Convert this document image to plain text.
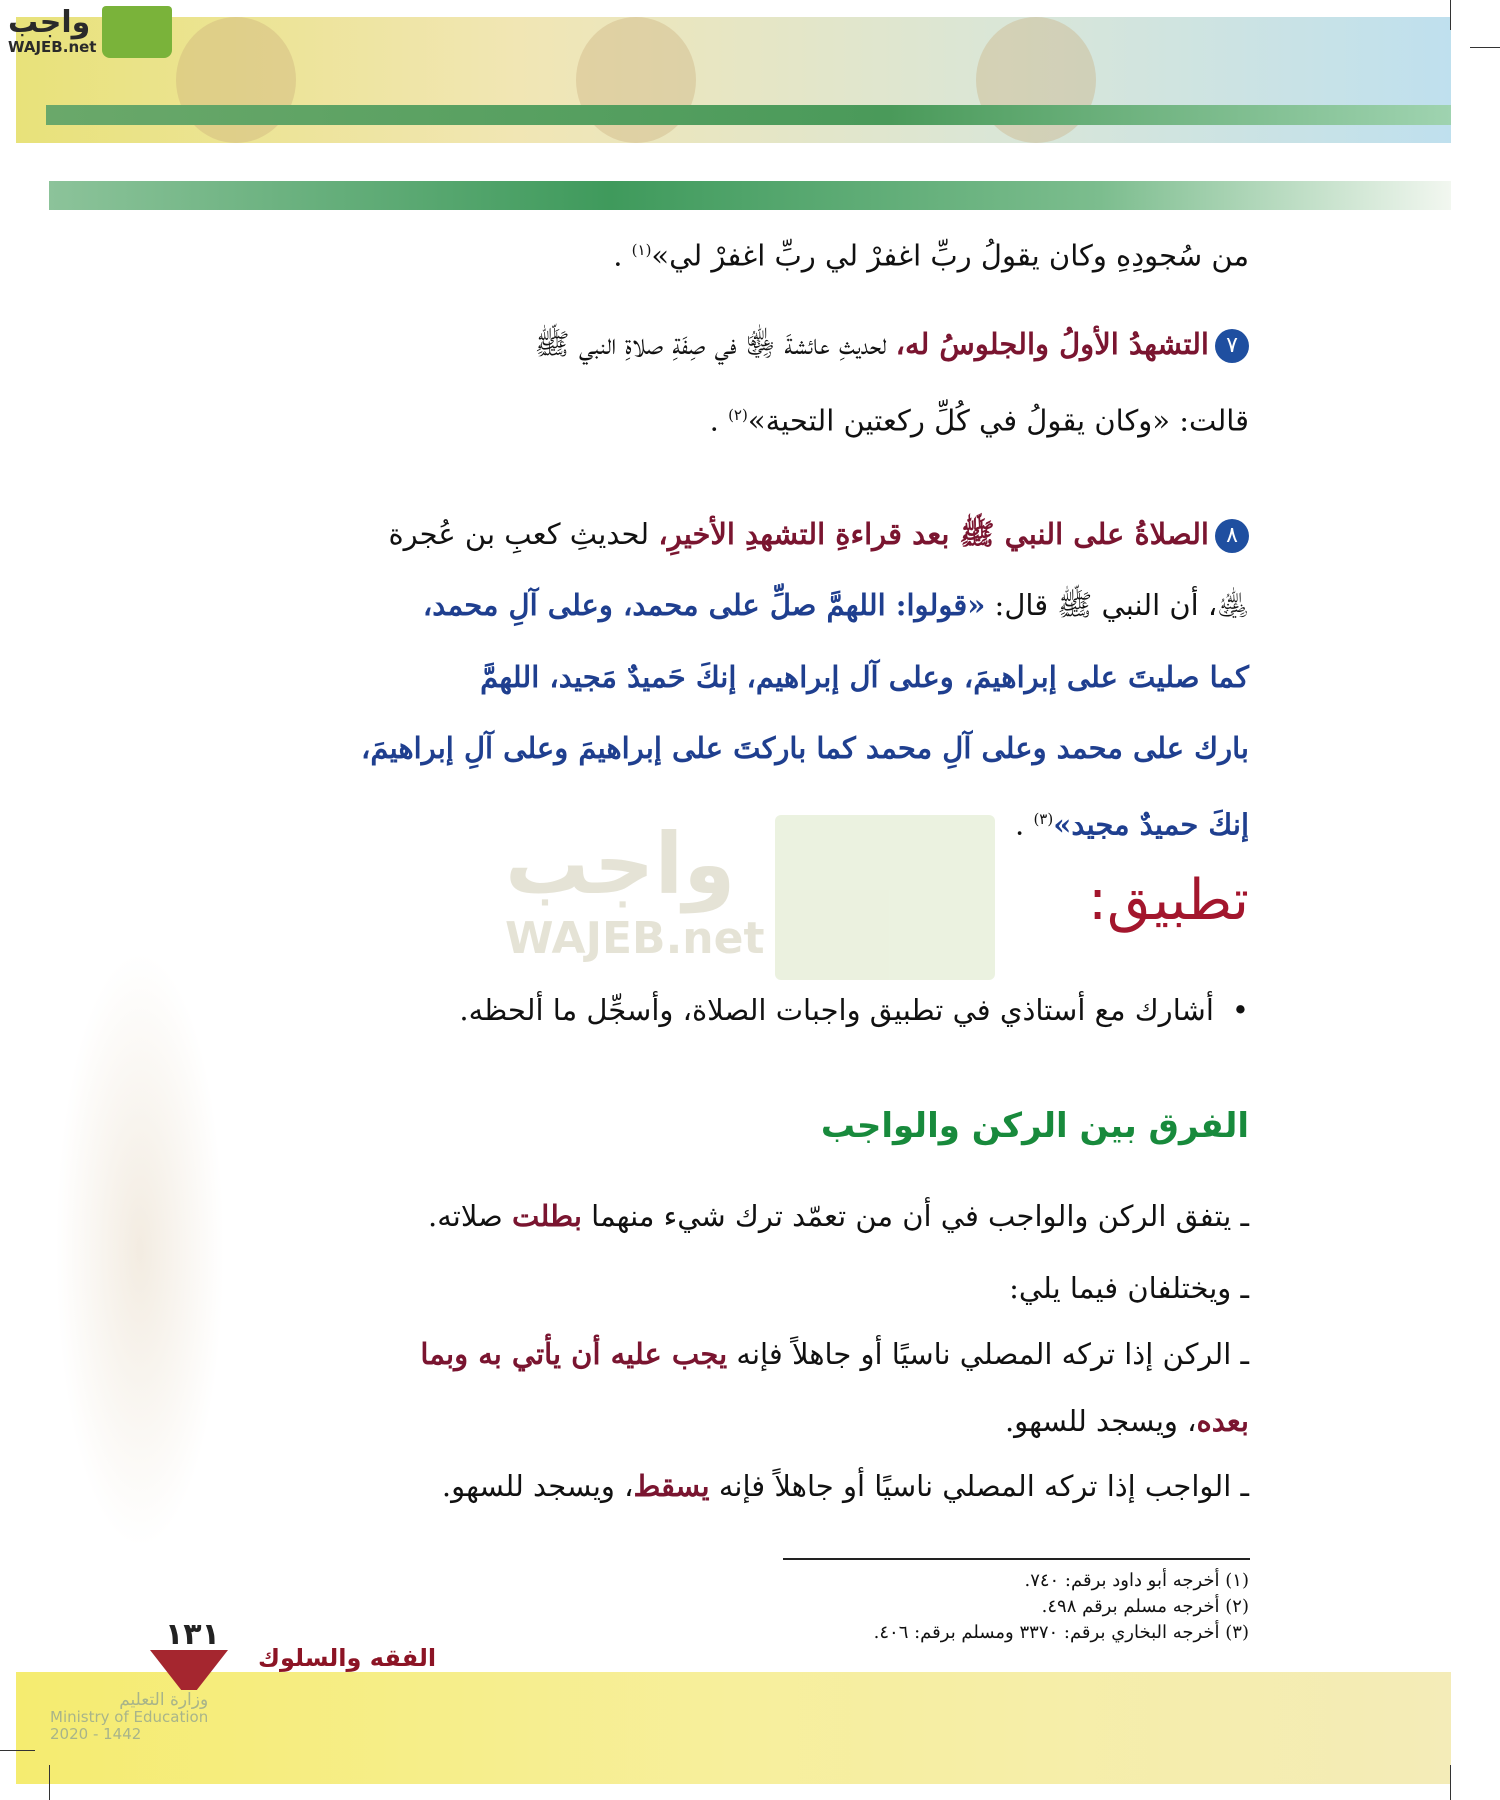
واجب
WAJEB.net
من سُجودِهِ وكان يقولُ ربِّ اغفرْ لي ربِّ اغفرْ لي»$^{(١)}$ .
٧التشهدُ الأولُ والجلوسُ له، لحديثِ عائشةَ ﵂ في صِفَةِ صلاةِ النبي ﷺ
قالت: «وكان يقولُ في كُلِّ ركعتين التحية»$^{(٢)}$ .
٨الصلاةُ على النبي ﷺ بعد قراءةِ التشهدِ الأخيرِ، لحديثِ كعبِ بن عُجرة
﵁، أن النبي ﷺ قال: «قولوا: اللهمَّ صلِّ على محمد، وعلى آلِ محمد،
كما صليتَ على إبراهيمَ، وعلى آل إبراهيم، إنكَ حَميدٌ مَجيد، اللهمَّ
بارك على محمد وعلى آلِ محمد كما باركتَ على إبراهيمَ وعلى آلِ إبراهيمَ،
إنكَ حميدٌ مجيد»$^{(٣)}$ .
واجب
WAJEB.net
تطبيق:
•أشارك مع أستاذي في تطبيق واجبات الصلاة، وأسجِّل ما ألحظه.
الفرق بين الركن والواجب
ـ يتفق الركن والواجب في أن من تعمّد ترك شيء منهما بطلت صلاته.
ـ ويختلفان فيما يلي:
ـ الركن إذا تركه المصلي ناسيًا أو جاهلاً فإنه يجب عليه أن يأتي به وبما
بعده، ويسجد للسهو.
ـ الواجب إذا تركه المصلي ناسيًا أو جاهلاً فإنه يسقط، ويسجد للسهو.
(١) أخرجه أبو داود برقم: ٧٤٠.
(٢) أخرجه مسلم برقم ٤٩٨.
(٣) أخرجه البخاري برقم: ٣٣٧٠ ومسلم برقم: ٤٠٦.
١٣١
الفقه والسلوك
وزارة التعليم
Ministry of Education
2020 - 1442
